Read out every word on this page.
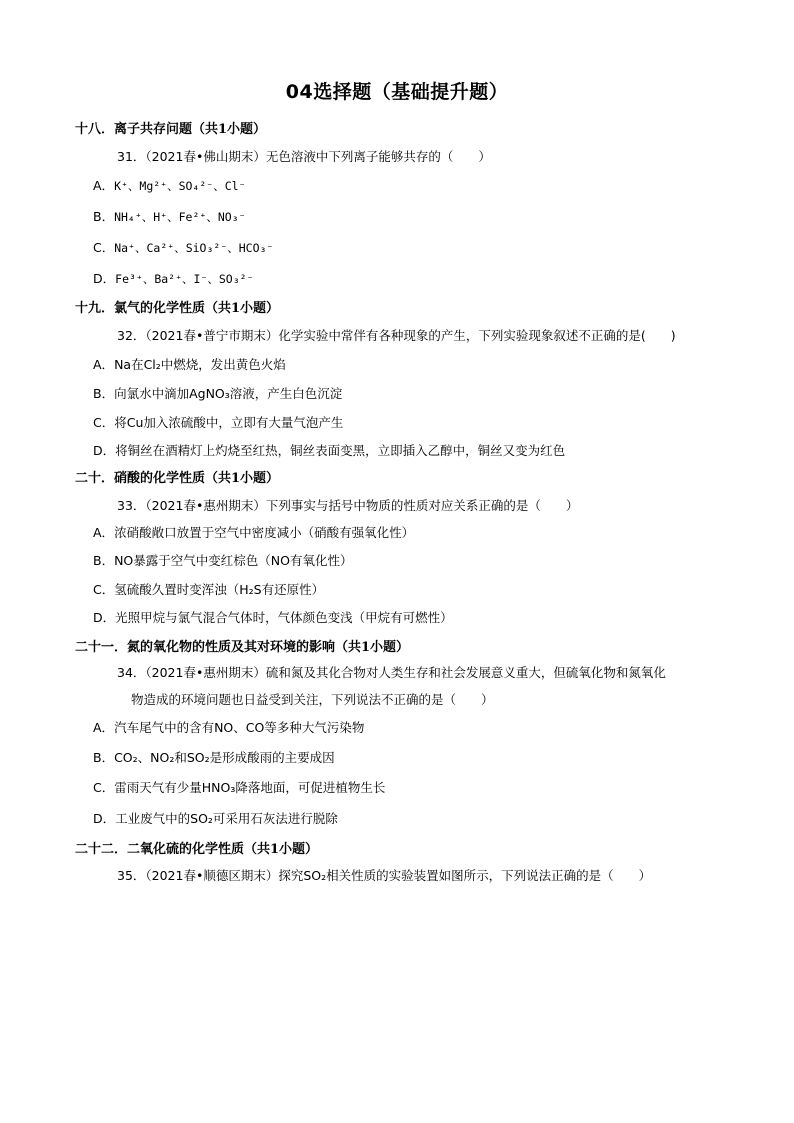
04选择题（基础提升题）
十八．离子共存问题（共1小题）
31．（2021春•佛山期末）无色溶液中下列离子能够共存的（　　）
A．K⁺、Mg²⁺、SO₄²⁻、Cl⁻
B．NH₄⁺、H⁺、Fe²⁺、NO₃⁻
C．Na⁺、Ca²⁺、SiO₃²⁻、HCO₃⁻
D．Fe³⁺、Ba²⁺、I⁻、SO₃²⁻
十九．氯气的化学性质（共1小题）
32．（2021春•普宁市期末）化学实验中常伴有各种现象的产生，下列实验现象叙述不正确的是(　　)
A．Na在Cl₂中燃烧，发出黄色火焰
B．向氯水中滴加AgNO₃溶液，产生白色沉淀
C．将Cu加入浓硫酸中，立即有大量气泡产生
D．将铜丝在酒精灯上灼烧至红热，铜丝表面变黑，立即插入乙醇中，铜丝又变为红色
二十．硝酸的化学性质（共1小题）
33．（2021春•惠州期末）下列事实与括号中物质的性质对应关系正确的是（　　）
A．浓硝酸敞口放置于空气中密度减小（硝酸有强氧化性）
B．NO暴露于空气中变红棕色（NO有氧化性）
C．氢硫酸久置时变浑浊（H₂S有还原性）
D．光照甲烷与氯气混合气体时，气体颜色变浅（甲烷有可燃性）
二十一．氮的氧化物的性质及其对环境的影响（共1小题）
34．（2021春•惠州期末）硫和氮及其化合物对人类生存和社会发展意义重大，但硫氧化物和氮氧化
物造成的环境问题也日益受到关注，下列说法不正确的是（　　）
A．汽车尾气中的含有NO、CO等多种大气污染物
B．CO₂、NO₂和SO₂是形成酸雨的主要成因
C．雷雨天气有少量HNO₃降落地面，可促进植物生长
D．工业废气中的SO₂可采用石灰法进行脱除
二十二．二氧化硫的化学性质（共1小题）
35．（2021春•顺德区期末）探究SO₂相关性质的实验装置如图所示，下列说法正确的是（　　）
